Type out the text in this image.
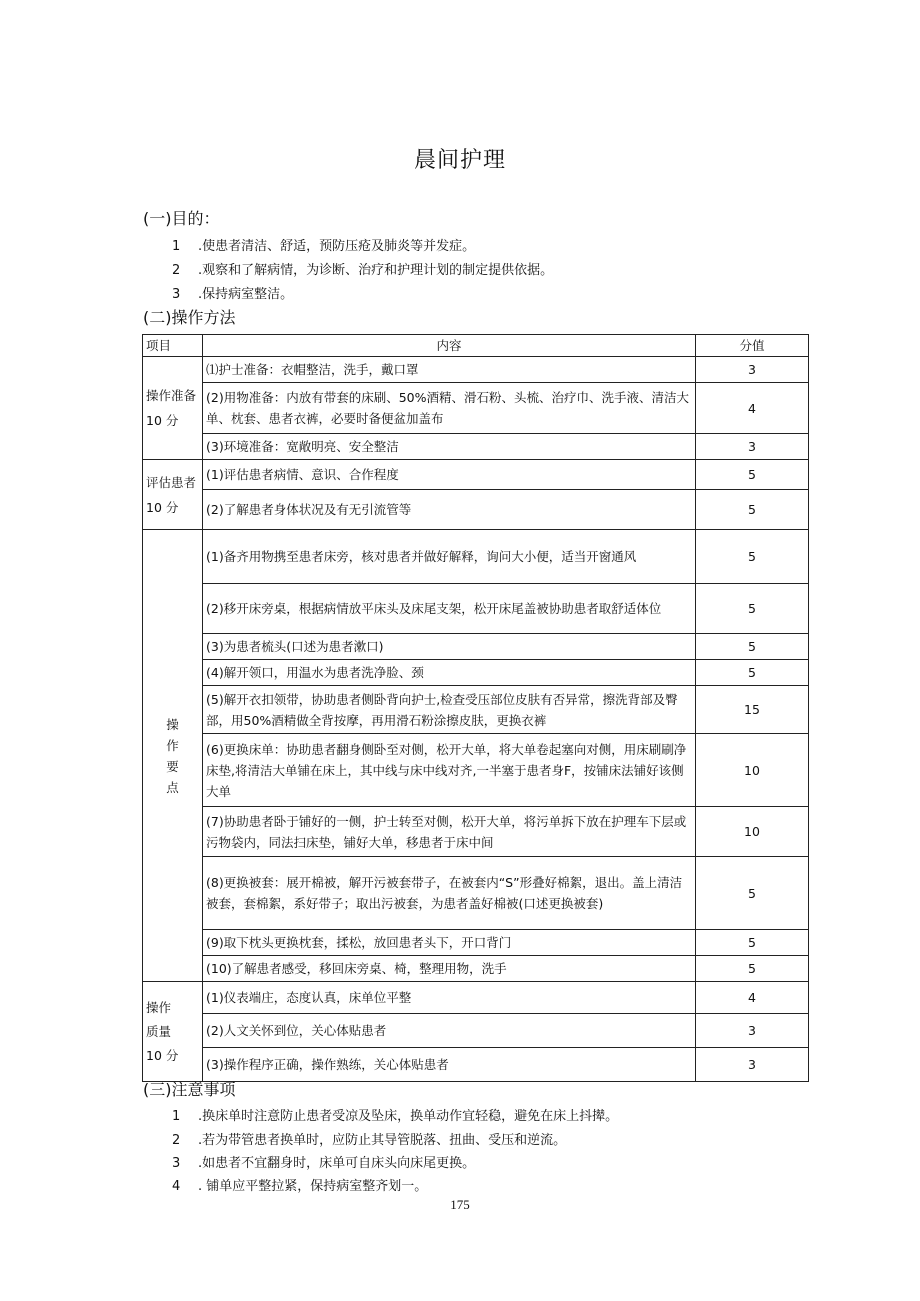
晨间护理
(一)目的：
1 .使患者清洁、舒适，预防压疮及肺炎等并发症。
2 .观察和了解病情，为诊断、治疗和护理计划的制定提供依据。
3 .保持病室整洁。
(二)操作方法
项目	内容	分值

操作准备
10 分	⑴护士准备：衣帽整洁，洗手，戴口罩	3
	(2)用物准备：内放有带套的床刷、50%酒精、滑石粉、头梳、治疗巾、洗手液、清洁大单、枕套、患者衣裤，必要时备便盆加盖布	4
	(3)环境准备：宽敞明亮、安全整洁	3

评估患者
10 分	(1)评估患者病情、意识、合作程度	5
	(2)了解患者身体状况及有无引流管等	5

操
作
要
点	(1)备齐用物携至患者床旁，核对患者并做好解释，询问大小便，适当开窗通风	5
	(2)移开床旁桌，根据病情放平床头及床尾支架，松开床尾盖被协助患者取舒适体位	5
	(3)为患者梳头(口述为患者漱口)	5
	(4)解开领口，用温水为患者洗净脸、颈	5
	(5)解开衣扣领带，协助患者侧卧背向护士,检查受压部位皮肤有否异常，擦洗背部及臀部，用50%酒精做全背按摩，再用滑石粉涂擦皮肤，更换衣裤	15
	(6)更换床单：协助患者翻身侧卧至对侧，松开大单，将大单卷起塞向对侧，用床刷刷净床垫,将清洁大单铺在床上，其中线与床中线对齐,一半塞于患者身F，按铺床法铺好该侧大单	10
	(7)协助患者卧于铺好的一侧，护士转至对侧，松开大单，将污单拆下放在护理车下层或污物袋内，同法扫床垫，铺好大单，移患者于床中间	10
	(8)更换被套：展开棉被，解开污被套带子，在被套内“S”形叠好棉絮，退出。盖上清洁被套，套棉絮，系好带子；取出污被套，为患者盖好棉被(口述更换被套)	5
	(9)取下枕头更换枕套，揉松，放回患者头下，开口背门	5
	(10)了解患者感受，移回床旁桌、椅，整理用物，洗手	5

操作
质量
10 分	(1)仪表端庄，态度认真，床单位平整	4
	(2)人文关怀到位，关心体贴患者	3
	(3)操作程序正确，操作熟练，关心体贴患者	3
(三)注意事项
1 .换床单时注意防止患者受凉及坠床，换单动作宜轻稳，避免在床上抖撵。
2 .若为带管患者换单时，应防止其导管脱落、扭曲、受压和逆流。
3 .如患者不宜翻身时，床单可自床头向床尾更换。
4 . 铺单应平整拉紧，保持病室整齐划一。
175
